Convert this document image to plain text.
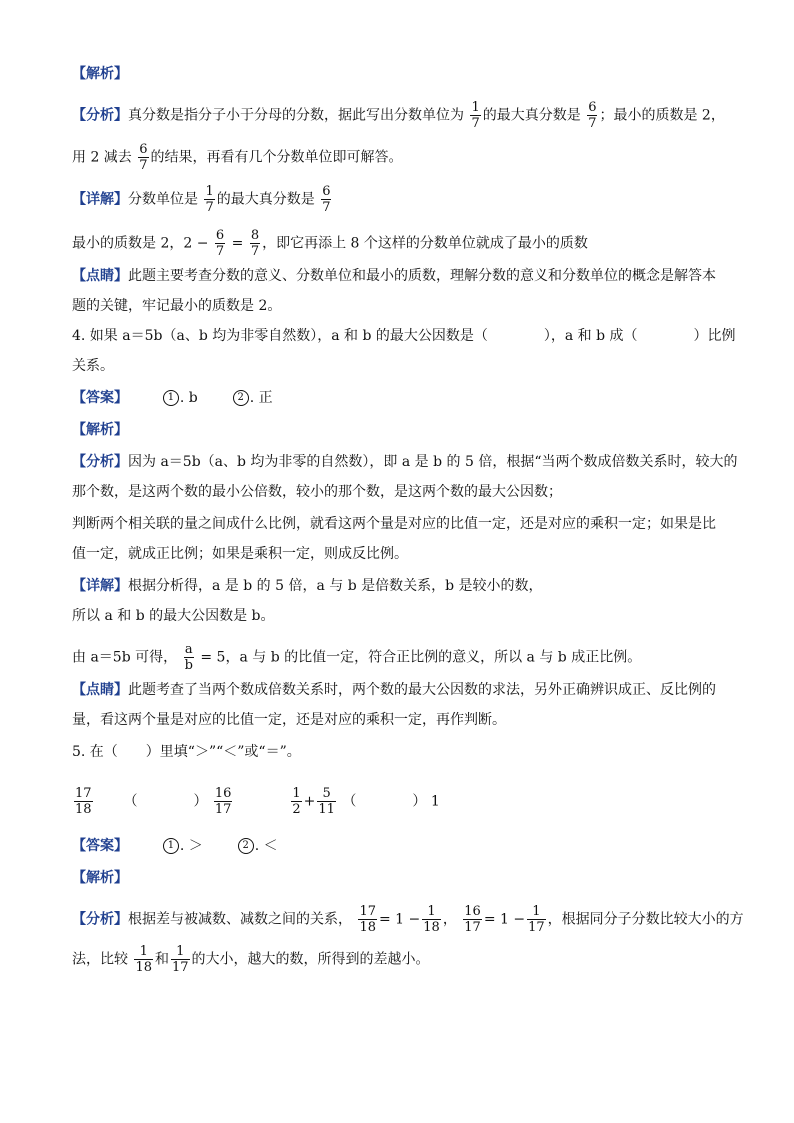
【解析】
【分析】真分数是指分子小于分母的分数，据此写出分数单位为 $\frac{1}{7}$ 的最大真分数是 $\frac{6}{7}$ ；最小的质数是 2，
用 2 减去 $\frac{6}{7}$ 的结果，再看有几个分数单位即可解答。
【详解】分数单位是 $\frac{1}{7}$ 的最大真分数是 $\frac{6}{7}$
最小的质数是 2，$2 - \frac{6}{7} = \frac{8}{7}$ ，即它再添上 8 个这样的分数单位就成了最小的质数
【点睛】此题主要考查分数的意义、分数单位和最小的质数，理解分数的意义和分数单位的概念是解答本
题的关键，牢记最小的质数是 2。
4. 如果 a＝5b（a、b 均为非零自然数），a 和 b 的最大公因数是（　　　　），a 和 b 成（　　　　）比例
关系。
【答案】	1 . b	2 . 正
【解析】
【分析】因为 a＝5b（a、b 均为非零的自然数），即 a 是 b 的 5 倍，根据“当两个数成倍数关系时，较大的
那个数，是这两个数的最小公倍数，较小的那个数，是这两个数的最大公因数；
判断两个相关联的量之间成什么比例，就看这两个量是对应的比值一定，还是对应的乘积一定；如果是比
值一定，就成正比例；如果是乘积一定，则成反比例。
【详解】根据分析得，a 是 b 的 5 倍，a 与 b 是倍数关系，b 是较小的数，
所以 a 和 b 的最大公因数是 b。
由 a＝5b 可得， $\frac{a}{b} = 5$，a 与 b 的比值一定，符合正比例的意义，所以 a 与 b 成正比例。
【点睛】此题考查了当两个数成倍数关系时，两个数的最大公因数的求法，另外正确辨识成正、反比例的
量，看这两个量是对应的比值一定，还是对应的乘积一定，再作判断。
5. 在（　　）里填“＞”“＜”或“＝”。
$\frac{17}{18}$ （　　　　） $\frac{16}{17}$
	$\frac{1}{2} + \frac{5}{11}$ （　　　　） 1
【答案】	1 . ＞	2 . ＜
【解析】
【分析】根据差与被减数、减数之间的关系， $\frac{17}{18} = 1 - \frac{1}{18}$ ， $\frac{16}{17} = 1 - \frac{1}{17}$ ，根据同分子分数比较大小的方
法，比较 $\frac{1}{18}$ 和 $\frac{1}{17}$ 的大小，越大的数，所得到的差越小。
